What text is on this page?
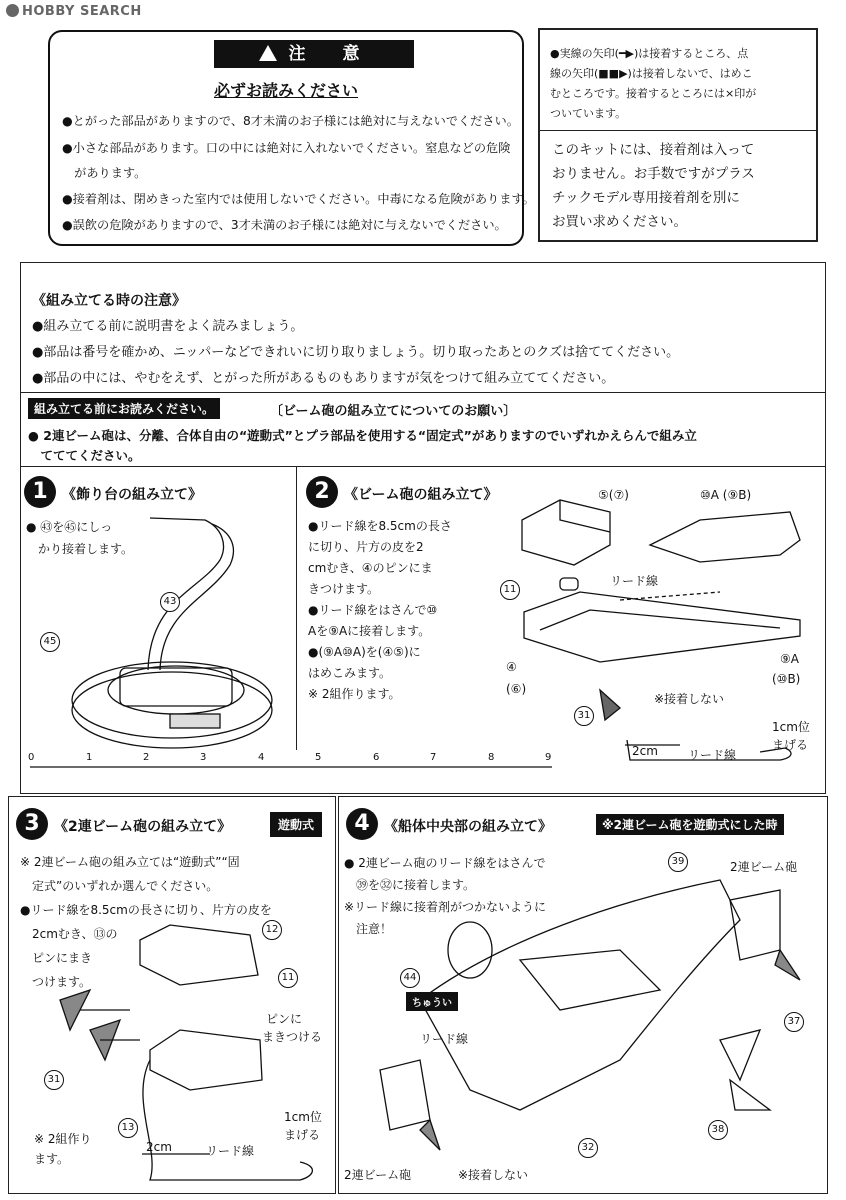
HOBBY SEARCH
注　意
必ずお読みください
●とがった部品がありますので、8才未満のお子様には絶対に与えないでください。
●小さな部品があります。口の中には絶対に入れないでください。窒息などの危険
　があります。
●接着剤は、閉めきった室内では使用しないでください。中毒になる危険があります。
●誤飲の危険がありますので、3才未満のお子様には絶対に与えないでください。
●実線の矢印(━▶)は接着するところ、点
線の矢印(■■▶)は接着しないで、はめこ
むところです。接着するところには×印が
ついています。
このキットには、接着剤は入って
おりません。お手数ですがプラス
チックモデル専用接着剤を別に
お買い求めください。
《組み立てる時の注意》
●組み立てる前に説明書をよく読みましょう。
●部品は番号を確かめ、ニッパーなどできれいに切り取りましょう。切り取ったあとのクズは捨ててください。
●部品の中には、やむをえず、とがった所があるものもありますが気をつけて組み立ててください。
組み立てる前にお読みください。	〔ビーム砲の組み立てについてのお願い〕
● 2連ビーム砲は、分離、合体自由の“遊動式”とプラ部品を使用する“固定式”がありますのでいずれかえらんで組み立
　てててください。
1	《飾り台の組み立て》
● ㊸を㊺にしっ
　かり接着します。
43
45
2	《ビーム砲の組み立て》
●リード線を8.5cmの長さ
に切り、片方の皮を2
cmむき、④のピンにま
きつけます。
●リード線をはさんで⑩
Aを⑨Aに接着します。
●(⑨A⑩A)を(④⑤)に
はめこみます。
※ 2組作ります。
⑤(⑦)	⑩A (⑨B)
11
リード線
④
(⑥)
31
⑨A
(⑩B)
※接着しない
1cm位
まげる
2cm	リード線
0	1	2	3	4	5	6	7	8	9
3	《2連ビーム砲の組み立て》	遊動式
※ 2連ビーム砲の組み立ては“遊動式”“固
　定式”のいずれか選んでください。
●リード線を8.5cmの長さに切り、片方の皮を
　2cmむき、⑬の
　ピンにまき
　つけます。
12
11
ピンに
まきつける
31
13
※ 2組作り
ます。
1cm位
まげる
2cm	リード線
4	《船体中央部の組み立て》	※2連ビーム砲を遊動式にした時
● 2連ビーム砲のリード線をはさんで
　㊴を㉜に接着します。
※リード線に接着剤がつかないように
　注意！
39	2連ビーム砲
44
ちゅうい
リード線
37
38
32
2連ビーム砲	※接着しない
